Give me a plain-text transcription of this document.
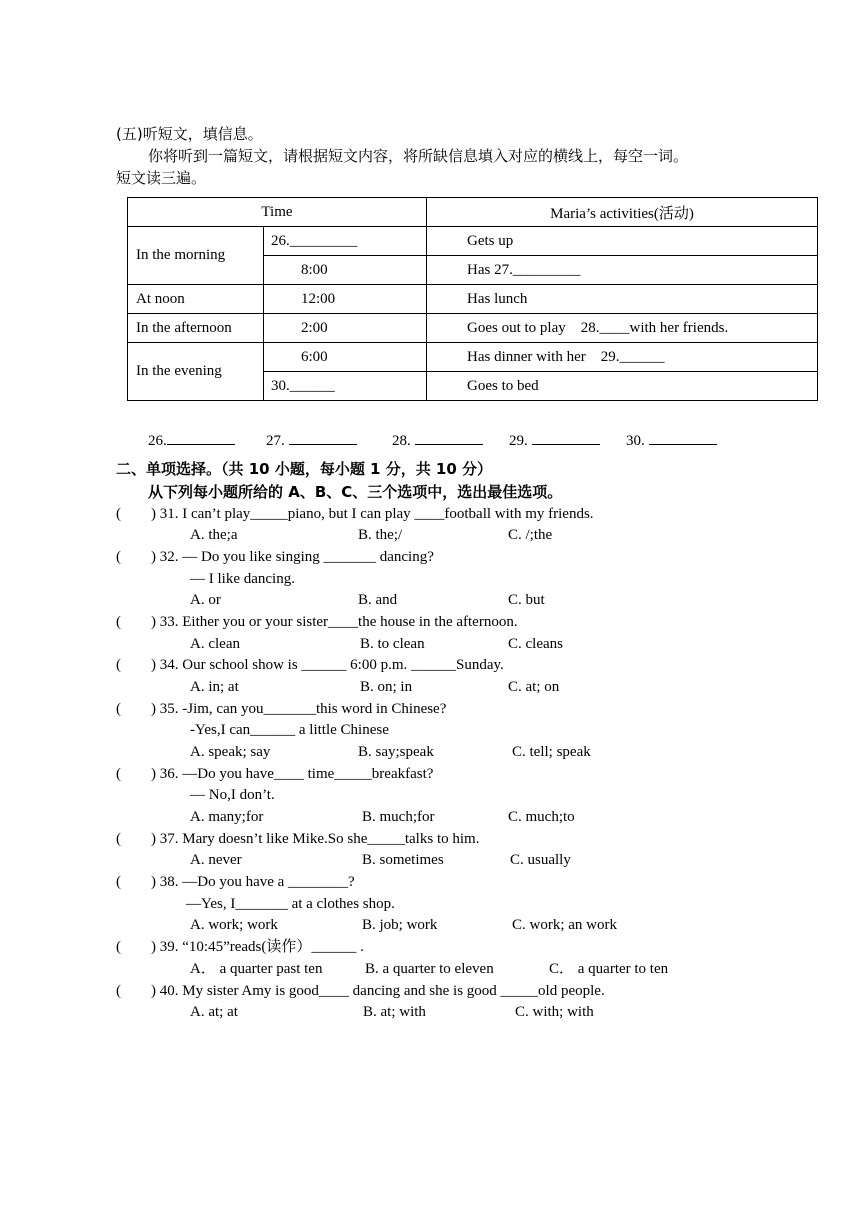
(五)听短文，填信息。
你将听到一篇短文，请根据短文内容，将所缺信息填入对应的横线上，每空一词。
短文读三遍。
Time		Maria’s activities(活动)
In the morning	26._________	Gets up
	8:00	Has 27._________
At noon	12:00	Has lunch
In the afternoon	2:00	Goes out to play    28.____with her friends.
In the evening	6:00	Has dinner with her    29.______
	30.______	Goes to bed
26.	27.	28.	29.	30.
二、单项选择。（共 10 小题，每小题 1 分，共 10 分）
从下列每小题所给的 A、B、C、三个选项中，选出最佳选项。
(        ) 31. I can’t play_____piano, but I can play ____football with my friends.
A. the;a	B. the;/	C. /;the
(        ) 32. — Do you like singing _______ dancing?
— I like dancing.
A. or	B. and	C. but
(        ) 33. Either you or your sister____the house in the afternoon.
A. clean	B. to clean	C. cleans
(        ) 34. Our school show is ______ 6:00 p.m. ______Sunday.
A. in; at	B. on; in	C. at; on
(        ) 35. -Jim, can you_______this word in Chinese?
-Yes,I can______ a little Chinese
A. speak; say	B. say;speak	C. tell; speak
(        ) 36. —Do you have____ time_____breakfast?
— No,I don’t.
A. many;for	B. much;for	C. much;to
(        ) 37. Mary doesn’t like Mike.So she_____talks to him.
A. never	B. sometimes	C. usually
(        ) 38. —Do you have a ________?
—Yes, I_______ at a clothes shop.
A. work; work	B. job; work	C. work; an work
(        ) 39. “10:45”reads(读作）______ .
A． a quarter past ten	B. a quarter to eleven	C． a quarter to ten
(        ) 40. My sister Amy is good____ dancing and she is good _____old people.
A. at; at	B. at; with	C. with; with
